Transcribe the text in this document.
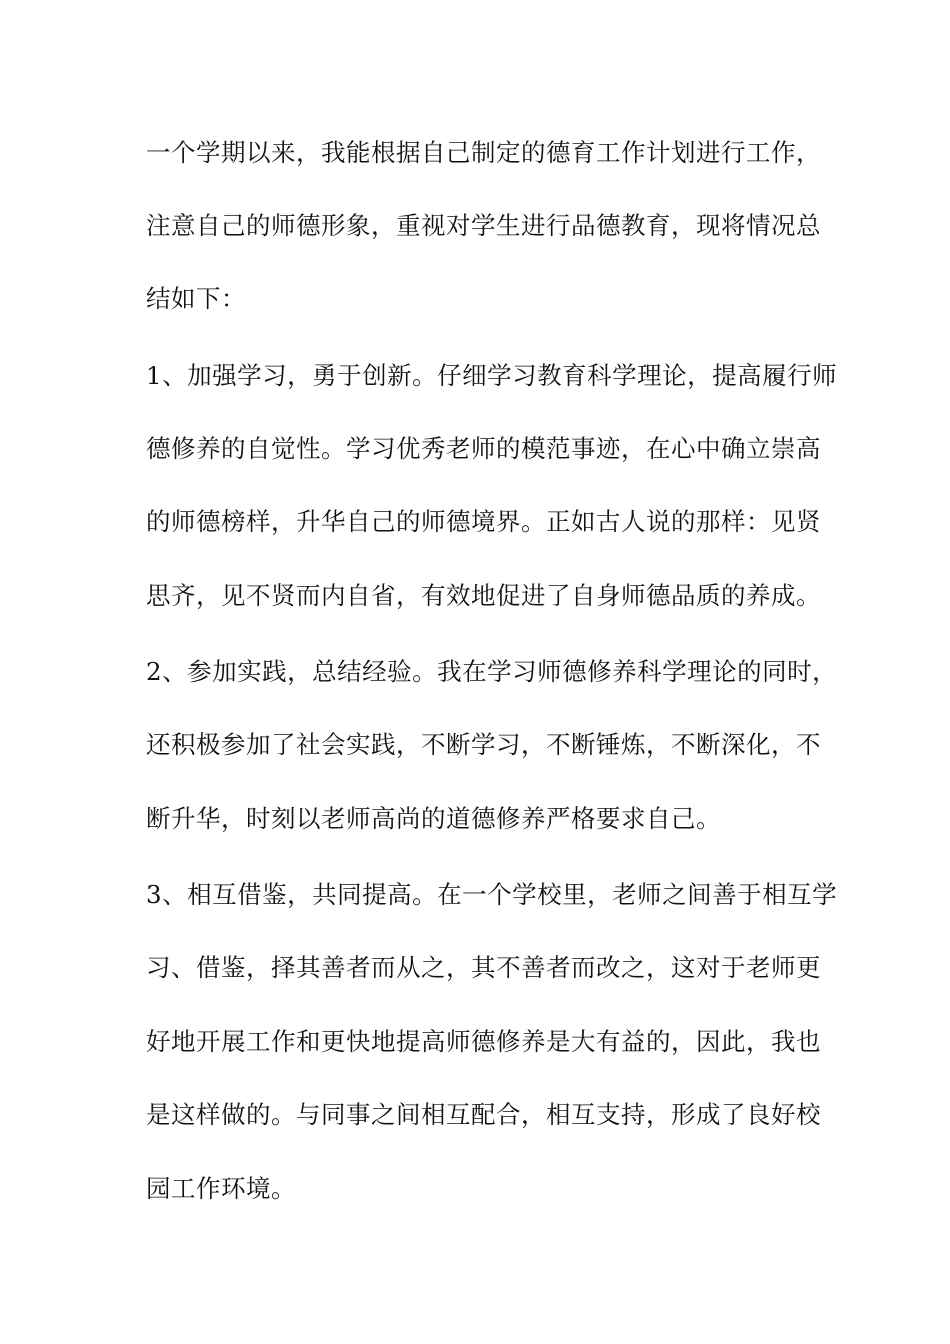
一个学期以来，我能根据自己制定的德育工作计划进行工作，
注意自己的师德形象，重视对学生进行品德教育，现将情况总
结如下：
1、加强学习，勇于创新。仔细学习教育科学理论，提高履行师
德修养的自觉性。学习优秀老师的模范事迹，在心中确立崇高
的师德榜样，升华自己的师德境界。正如古人说的那样：见贤
思齐，见不贤而内自省，有效地促进了自身师德品质的养成。
2、参加实践，总结经验。我在学习师德修养科学理论的同时，
还积极参加了社会实践，不断学习，不断锤炼，不断深化，不
断升华，时刻以老师高尚的道德修养严格要求自己。
3、相互借鉴，共同提高。在一个学校里，老师之间善于相互学
习、借鉴，择其善者而从之，其不善者而改之，这对于老师更
好地开展工作和更快地提高师德修养是大有益的，因此，我也
是这样做的。与同事之间相互配合，相互支持，形成了良好校
园工作环境。
